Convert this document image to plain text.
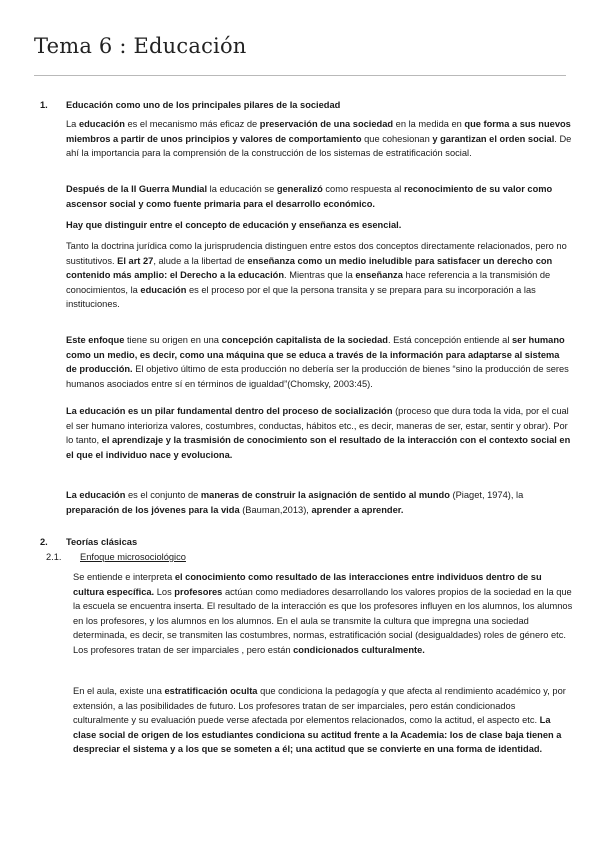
Tema 6 : Educación
1. Educación como uno de los principales pilares de la sociedad

La educación es el mecanismo más eficaz de preservación de una sociedad en la medida en que forma a sus nuevos miembros a partir de unos principios y valores de comportamiento que cohesionan y garantizan el orden social. De ahí la importancia para la comprensión de la construcción de los sistemas de estratificación social.

Después de la II Guerra Mundial la educación se generalizó como respuesta al reconocimiento de su valor como ascensor social y como fuente primaria para el desarrollo económico.

Hay que distinguir entre el concepto de educación y enseñanza es esencial.

Tanto la doctrina jurídica como la jurisprudencia distinguen entre estos dos conceptos directamente relacionados, pero no sustitutivos. El art 27, alude a la libertad de enseñanza como un medio ineludible para satisfacer un derecho con contenido más amplio: el Derecho a la educación. Mientras que la enseñanza hace referencia a la transmisión de conocimientos, la educación es el proceso por el que la persona transita y se prepara para su incorporación a las instituciones.

Este enfoque tiene su origen en una concepción capitalista de la sociedad. Está concepción entiende al ser humano como un medio, es decir, como una máquina que se educa a través de la información para adaptarse al sistema de producción. El objetivo último de esta producción no debería ser la producción de bienes “sino la producción de seres humanos asociados entre sí en términos de igualdad”(Chomsky, 2003:45).

La educación es un pilar fundamental dentro del proceso de socialización (proceso que dura toda la vida, por el cual el ser humano interioriza valores, costumbres, conductas, hábitos etc., es decir, maneras de ser, estar, sentir y obrar). Por lo tanto, el aprendizaje y la trasmisión de conocimiento son el resultado de la interacción con el contexto social en el que el individuo nace y evoluciona.

La educación es el conjunto de maneras de construir la asignación de sentido al mundo (Piaget, 1974), la preparación de los jóvenes para la vida (Bauman,2013), aprender a aprender.

2. Teorías clásicas
2.1. Enfoque microsociológico

Se entiende e interpreta el conocimiento como resultado de las interacciones entre individuos dentro de su cultura específica. Los profesores actúan como mediadores desarrollando los valores propios de la sociedad en la que la escuela se encuentra inserta. El resultado de la interacción es que los profesores influyen en los alumnos, los alumnos en los profesores, y los alumnos en los alumnos. En el aula se transmite la cultura que impregna una sociedad determinada, es decir, se transmiten las costumbres, normas, estratificación social (desigualdades) roles de género etc. Los profesores tratan de ser imparciales , pero están condicionados culturalmente.

En el aula, existe una estratificación oculta que condiciona la pedagogía y que afecta al rendimiento académico y, por extensión, a las posibilidades de futuro. Los profesores tratan de ser imparciales, pero están condicionados culturalmente y su evaluación puede verse afectada por elementos relacionados, como la actitud, el aspecto etc. La clase social de origen de los estudiantes condiciona su actitud frente a la Academia: los de clase baja tienen a despreciar el sistema y a los que se someten a él; una actitud que se convierte en una forma de identidad.
